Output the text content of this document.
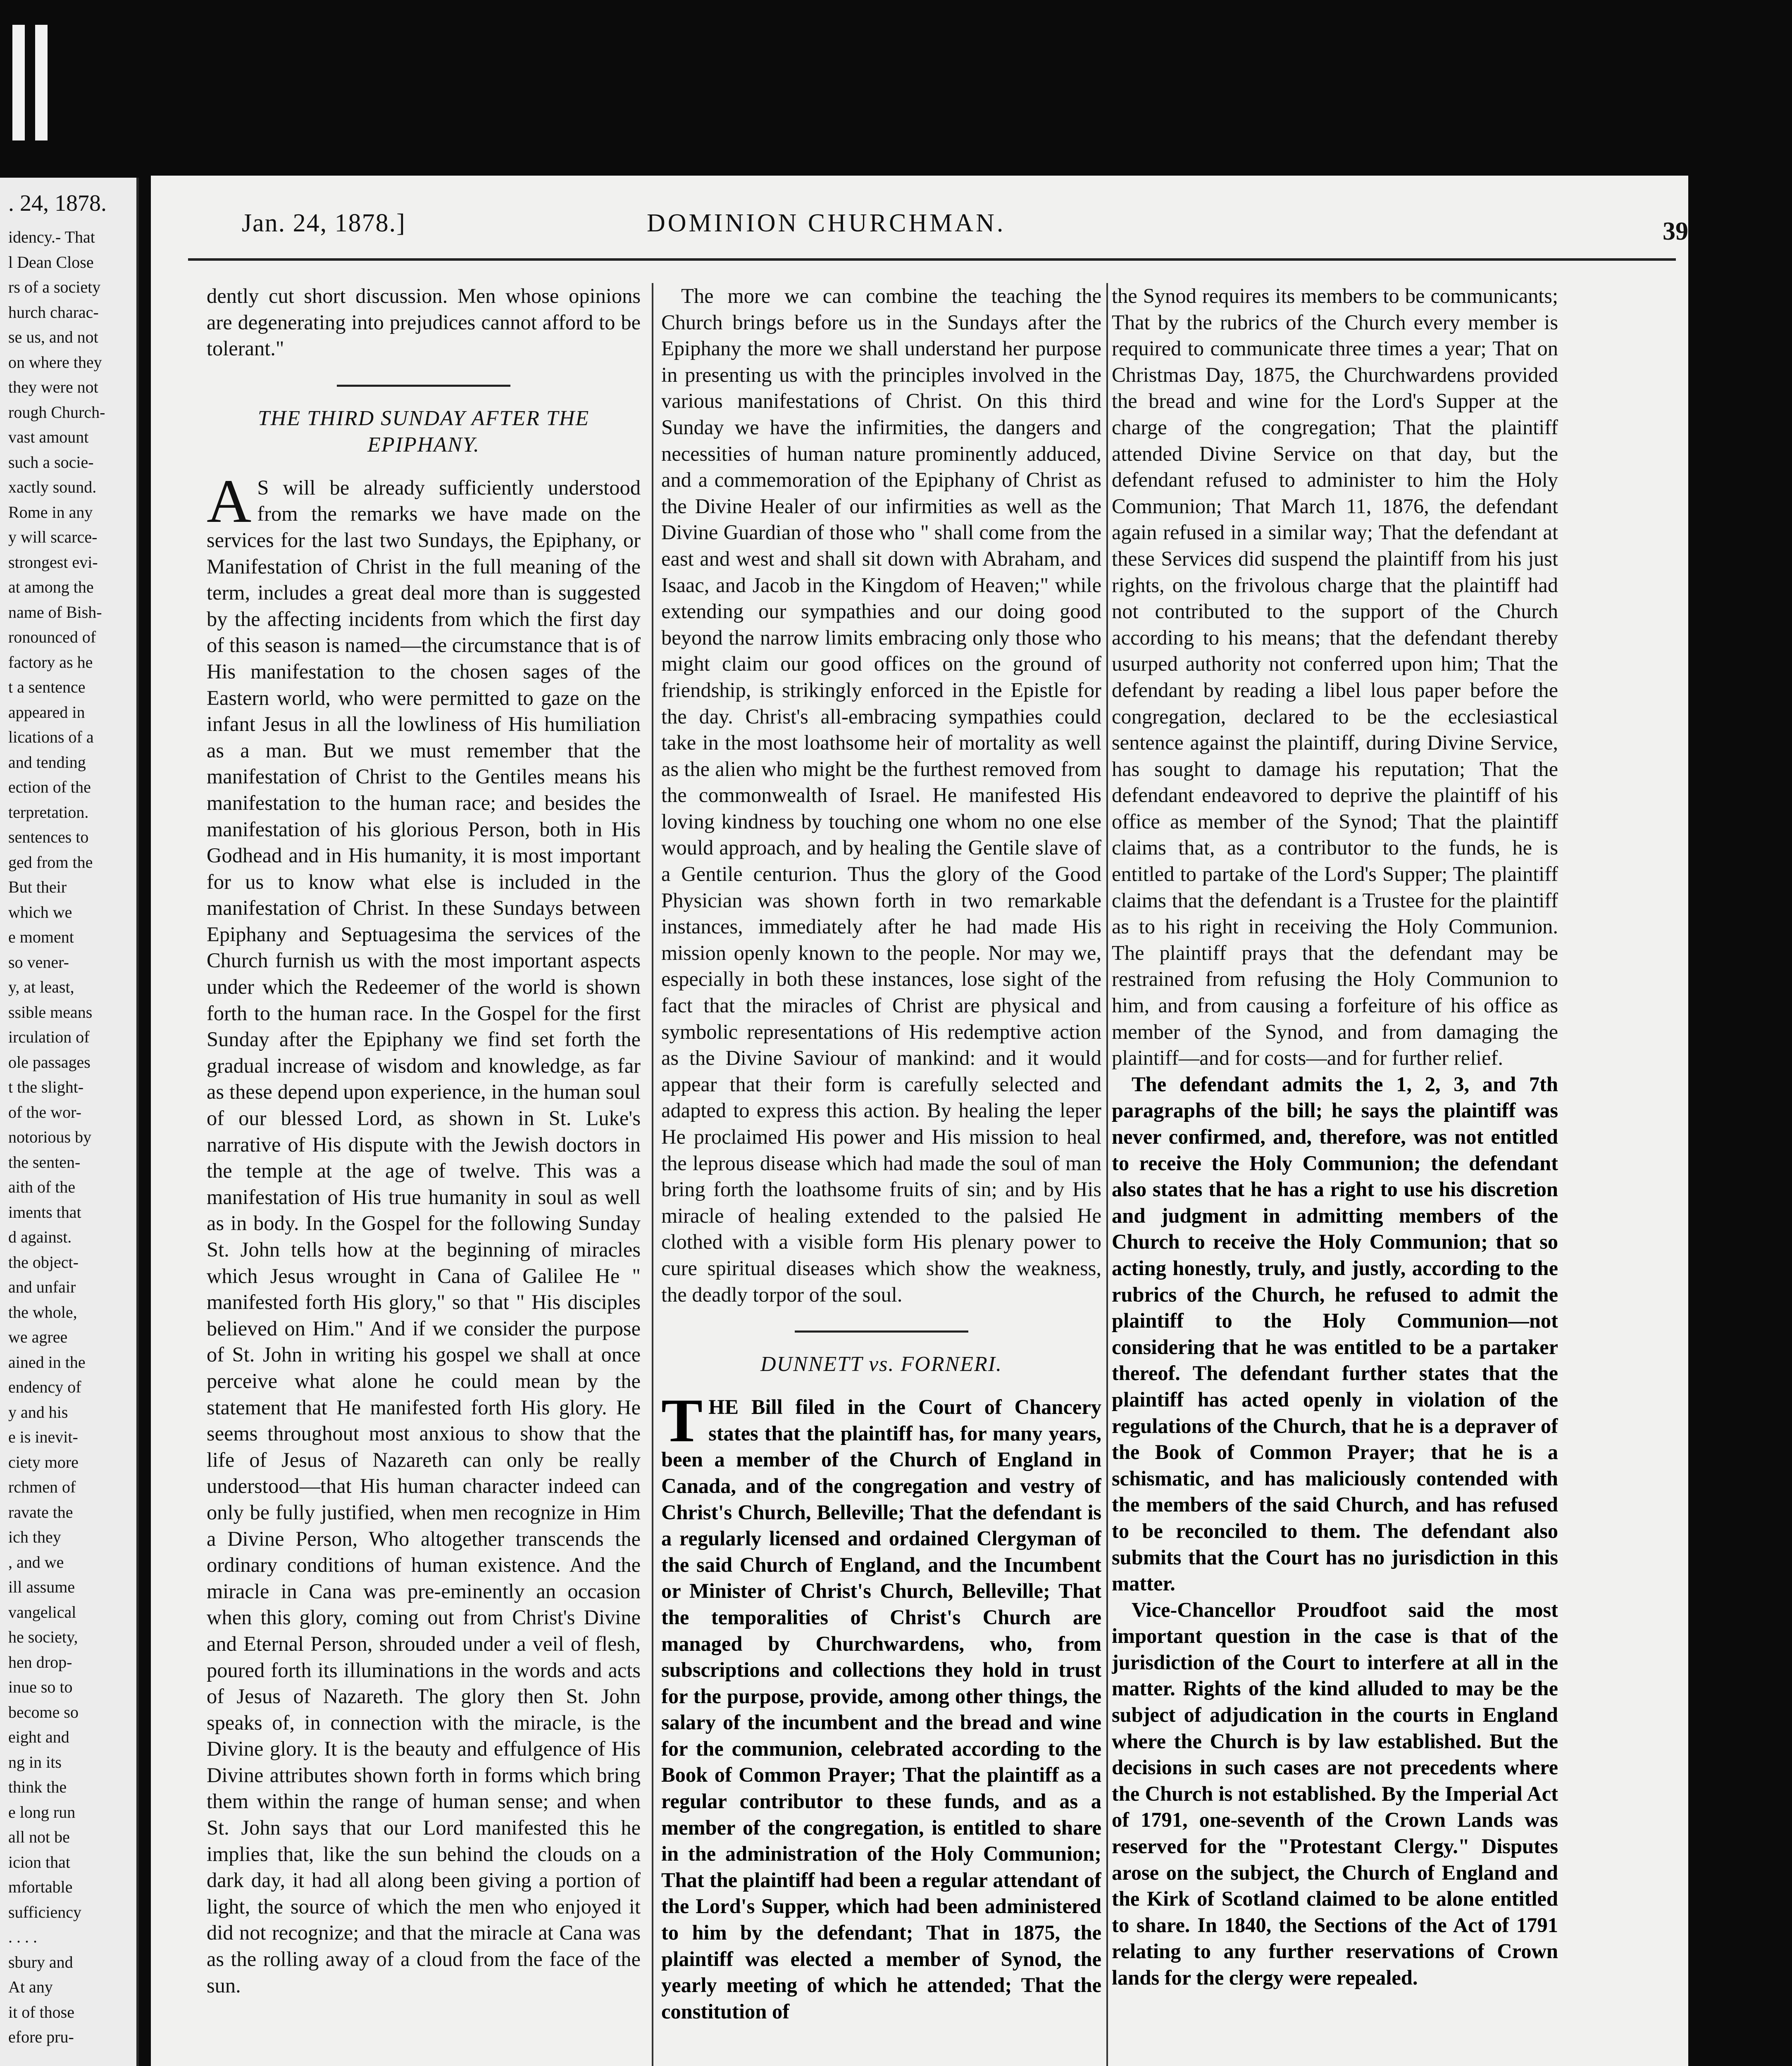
. 24, 1878.
idency.- That
l Dean Close
rs of a society
hurch charac-
se us, and not
on where they
they were not
rough Church-
vast amount
such a socie-
xactly sound.
Rome in any
y will scarce-
strongest evi-
at among the
name of Bish-
ronounced of
factory as he
t a sentence
appeared in
lications of a
and tending
ection of the
terpretation.
sentences to
ged from the
But their
which we
e moment
so vener-
y, at least,
ssible means
irculation of
ole passages
t the slight-
of the wor-
notorious by
the senten-
aith of the
iments that
d against.
the object-
and unfair
the whole,
we agree
ained in the
endency of
y and his
e is inevit-
ciety more
rchmen of
ravate the
ich they
, and we
ill assume
vangelical
he society,
hen drop-
inue so to
become so
eight and
ng in its
think the
e long run
all not be
icion that
mfortable
sufficiency
. . . .
sbury and
At any
it of those
efore pru-
Jan. 24, 1878.]	DOMINION CHURCHMAN.	39

dently cut short discussion. Men whose opinions are degenerating into prejudices cannot afford to be tolerant."

THE THIRD SUNDAY AFTER THE EPIPHANY.

A S will be already sufficiently understood from the remarks we have made on the services for the last two Sundays, the Epiphany, or Manifestation of Christ in the full meaning of the term, includes a great deal more than is suggested by the affecting incidents from which the first day of this season is named—the circumstance that is of His manifestation to the chosen sages of the Eastern world, who were permitted to gaze on the infant Jesus in all the lowliness of His humiliation as a man. But we must remember that the manifestation of Christ to the Gentiles means his manifestation to the human race; and besides the manifestation of his glorious Person, both in His Godhead and in His humanity, it is most important for us to know what else is included in the manifestation of Christ. In these Sundays between Epiphany and Septuagesima the services of the Church furnish us with the most important aspects under which the Redeemer of the world is shown forth to the human race. In the Gospel for the first Sunday after the Epiphany we find set forth the gradual increase of wisdom and knowledge, as far as these depend upon experience, in the human soul of our blessed Lord, as shown in St. Luke's narrative of His dispute with the Jewish doctors in the temple at the age of twelve. This was a manifestation of His true humanity in soul as well as in body. In the Gospel for the following Sunday St. John tells how at the beginning of miracles which Jesus wrought in Cana of Galilee He " manifested forth His glory," so that " His disciples believed on Him." And if we consider the purpose of St. John in writing his gospel we shall at once perceive what alone he could mean by the statement that He manifested forth His glory. He seems throughout most anxious to show that the life of Jesus of Nazareth can only be really understood—that His human character indeed can only be fully justified, when men recognize in Him a Divine Person, Who altogether transcends the ordinary conditions of human existence. And the miracle in Cana was pre-eminently an occasion when this glory, coming out from Christ's Divine and Eternal Person, shrouded under a veil of flesh, poured forth its illuminations in the words and acts of Jesus of Nazareth. The glory then St. John speaks of, in connection with the miracle, is the Divine glory. It is the beauty and effulgence of His Divine attributes shown forth in forms which bring them within the range of human sense; and when St. John says that our Lord manifested this he implies that, like the sun behind the clouds on a dark day, it had all along been giving a portion of light, the source of which the men who enjoyed it did not recognize; and that the miracle at Cana was as the rolling away of a cloud from the face of the sun.

The more we can combine the teaching the Church brings before us in the Sundays after the Epiphany the more we shall understand her purpose in presenting us with the principles involved in the various manifestations of Christ. On this third Sunday we have the infirmities, the dangers and necessities of human nature prominently adduced, and a commemoration of the Epiphany of Christ as the Divine Healer of our infirmities as well as the Divine Guardian of those who " shall come from the east and west and shall sit down with Abraham, and Isaac, and Jacob in the Kingdom of Heaven;" while extending our sympathies and our doing good beyond the narrow limits embracing only those who might claim our good offices on the ground of friendship, is strikingly enforced in the Epistle for the day. Christ's all-embracing sympathies could take in the most loathsome heir of mortality as well as the alien who might be the furthest removed from the commonwealth of Israel. He manifested His loving kindness by touching one whom no one else would approach, and by healing the Gentile slave of a Gentile centurion. Thus the glory of the Good Physician was shown forth in two remarkable instances, immediately after he had made His mission openly known to the people. Nor may we, especially in both these instances, lose sight of the fact that the miracles of Christ are physical and symbolic representations of His redemptive action as the Divine Saviour of mankind: and it would appear that their form is carefully selected and adapted to express this action. By healing the leper He proclaimed His power and His mission to heal the leprous disease which had made the soul of man bring forth the loathsome fruits of sin; and by His miracle of healing extended to the palsied He clothed with a visible form His plenary power to cure spiritual diseases which show the weakness, the deadly torpor of the soul.

DUNNETT vs. FORNERI.

THE Bill filed in the Court of Chancery states that the plaintiff has, for many years, been a member of the Church of England in Canada, and of the congregation and vestry of Christ's Church, Belleville; That the defendant is a regularly licensed and ordained Clergyman of the said Church of England, and the Incumbent or Minister of Christ's Church, Belleville; That the temporalities of Christ's Church are managed by Churchwardens, who, from subscriptions and collections they hold in trust for the purpose, provide, among other things, the salary of the incumbent and the bread and wine for the communion, celebrated according to the Book of Common Prayer; That the plaintiff as a regular contributor to these funds, and as a member of the congregation, is entitled to share in the administration of the Holy Communion; That the plaintiff had been a regular attendant of the Lord's Supper, which had been administered to him by the defendant; That in 1875, the plaintiff was elected a member of Synod, the yearly meeting of which he attended; That the constitution of

the Synod requires its members to be communicants; That by the rubrics of the Church every member is required to communicate three times a year; That on Christmas Day, 1875, the Churchwardens provided the bread and wine for the Lord's Supper at the charge of the congregation; That the plaintiff attended Divine Service on that day, but the defendant refused to administer to him the Holy Communion; That March 11, 1876, the defendant again refused in a similar way; That the defendant at these Services did suspend the plaintiff from his just rights, on the frivolous charge that the plaintiff had not contributed to the support of the Church according to his means; that the defendant thereby usurped authority not conferred upon him; That the defendant by reading a libel lous paper before the congregation, declared to be the ecclesiastical sentence against the plaintiff, during Divine Service, has sought to damage his reputation; That the defendant endeavored to deprive the plaintiff of his office as member of the Synod; That the plaintiff claims that, as a contributor to the funds, he is entitled to partake of the Lord's Supper; The plaintiff claims that the defendant is a Trustee for the plaintiff as to his right in receiving the Holy Communion. The plaintiff prays that the defendant may be restrained from refusing the Holy Communion to him, and from causing a forfeiture of his office as member of the Synod, and from damaging the plaintiff—and for costs—and for further relief.

The defendant admits the 1, 2, 3, and 7th paragraphs of the bill; he says the plaintiff was never confirmed, and, therefore, was not entitled to receive the Holy Communion; the defendant also states that he has a right to use his discretion and judgment in admitting members of the Church to receive the Holy Communion; that so acting honestly, truly, and justly, according to the rubrics of the Church, he refused to admit the plaintiff to the Holy Communion—not considering that he was entitled to be a partaker thereof. The defendant further states that the plaintiff has acted openly in violation of the regulations of the Church, that he is a depraver of the Book of Common Prayer; that he is a schismatic, and has maliciously contended with the members of the said Church, and has refused to be reconciled to them. The defendant also submits that the Court has no jurisdiction in this matter.

Vice-Chancellor Proudfoot said the most important question in the case is that of the jurisdiction of the Court to interfere at all in the matter. Rights of the kind alluded to may be the subject of adjudication in the courts in England where the Church is by law established. But the decisions in such cases are not precedents where the Church is not established. By the Imperial Act of 1791, one-seventh of the Crown Lands was reserved for the "Protestant Clergy." Disputes arose on the subject, the Church of England and the Kirk of Scotland claimed to be alone entitled to share. In 1840, the Sections of the Act of 1791 relating to any further reservations of Crown lands for the clergy were repealed.
